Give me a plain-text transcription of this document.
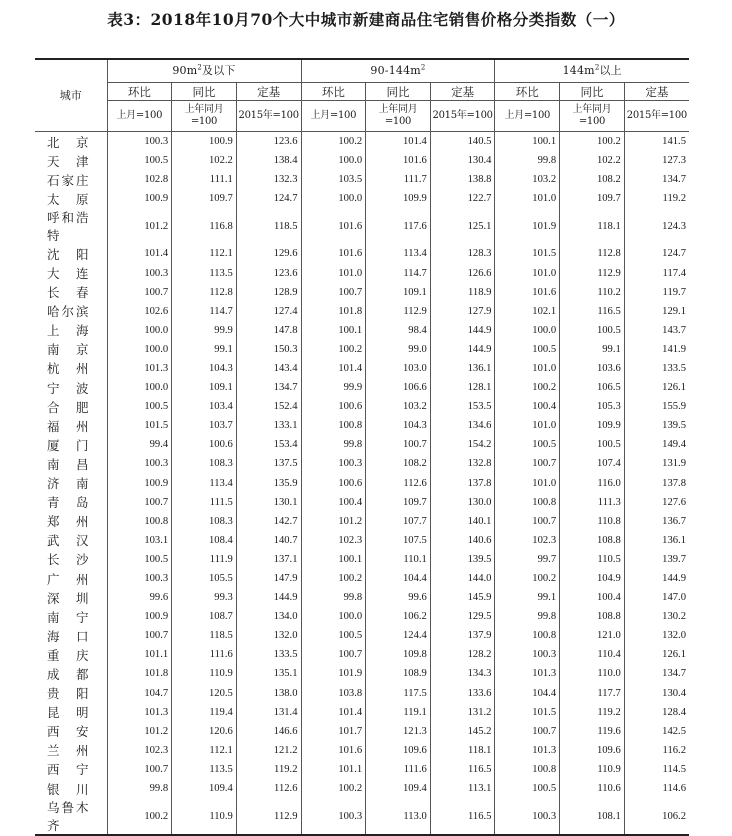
表3：2018年10月70个大中城市新建商品住宅销售价格分类指数（一）
城市	$90m^2$及以下			$90-144m^2$			$144m^2$以上		
	环比	同比	定基	环比	同比	定基	环比	同比	定基
	上月=100	上年同月=100	2015年=100	上月=100	上年同月=100	2015年=100	上月=100	上年同月=100	2015年=100
北京	100.3	100.9	123.6	100.2	101.4	140.5	100.1	100.2	141.5
天津	100.5	102.2	138.4	100.0	101.6	130.4	99.8	102.2	127.3
石家庄	102.8	111.1	132.3	103.5	111.7	138.8	103.2	108.2	134.7
太原	100.9	109.7	124.7	100.0	109.9	122.7	101.0	109.7	119.2
呼和浩特	101.2	116.8	118.5	101.6	117.6	125.1	101.9	118.1	124.3
沈阳	101.4	112.1	129.6	101.6	113.4	128.3	101.5	112.8	124.7
大连	100.3	113.5	123.6	101.0	114.7	126.6	101.0	112.9	117.4
长春	100.7	112.8	128.9	100.7	109.1	118.9	101.6	110.2	119.7
哈尔滨	102.6	114.7	127.4	101.8	112.9	127.9	102.1	116.5	129.1
上海	100.0	99.9	147.8	100.1	98.4	144.9	100.0	100.5	143.7
南京	100.0	99.1	150.3	100.2	99.0	144.9	100.5	99.1	141.9
杭州	101.3	104.3	143.4	101.4	103.0	136.1	101.0	103.6	133.5
宁波	100.0	109.1	134.7	99.9	106.6	128.1	100.2	106.5	126.1
合肥	100.5	103.4	152.4	100.6	103.2	153.5	100.4	105.3	155.9
福州	101.5	103.7	133.1	100.8	104.3	134.6	101.0	109.9	139.5
厦门	99.4	100.6	153.4	99.8	100.7	154.2	100.5	100.5	149.4
南昌	100.3	108.3	137.5	100.3	108.2	132.8	100.7	107.4	131.9
济南	100.9	113.4	135.9	100.6	112.6	137.8	101.0	116.0	137.8
青岛	100.7	111.5	130.1	100.4	109.7	130.0	100.8	111.3	127.6
郑州	100.8	108.3	142.7	101.2	107.7	140.1	100.7	110.8	136.7
武汉	103.1	108.4	140.7	102.3	107.5	140.6	102.3	108.8	136.1
长沙	100.5	111.9	137.1	100.1	110.1	139.5	99.7	110.5	139.7
广州	100.3	105.5	147.9	100.2	104.4	144.0	100.2	104.9	144.9
深圳	99.6	99.3	144.9	99.8	99.6	145.9	99.1	100.4	147.0
南宁	100.9	108.7	134.0	100.0	106.2	129.5	99.8	108.8	130.2
海口	100.7	118.5	132.0	100.5	124.4	137.9	100.8	121.0	132.0
重庆	101.1	111.6	133.5	100.7	109.8	128.2	100.3	110.4	126.1
成都	101.8	110.9	135.1	101.9	108.9	134.3	101.3	110.0	134.7
贵阳	104.7	120.5	138.0	103.8	117.5	133.6	104.4	117.7	130.4
昆明	101.3	119.4	131.4	101.4	119.1	131.2	101.5	119.2	128.4
西安	101.2	120.6	146.6	101.7	121.3	145.2	100.7	119.6	142.5
兰州	102.3	112.1	121.2	101.6	109.6	118.1	101.3	109.6	116.2
西宁	100.7	113.5	119.2	101.1	111.6	116.5	100.8	110.9	114.5
银川	99.8	109.4	112.6	100.2	109.4	113.1	100.5	110.6	114.6
乌鲁木齐	100.2	110.9	112.9	100.3	113.0	116.5	100.3	108.1	106.2
